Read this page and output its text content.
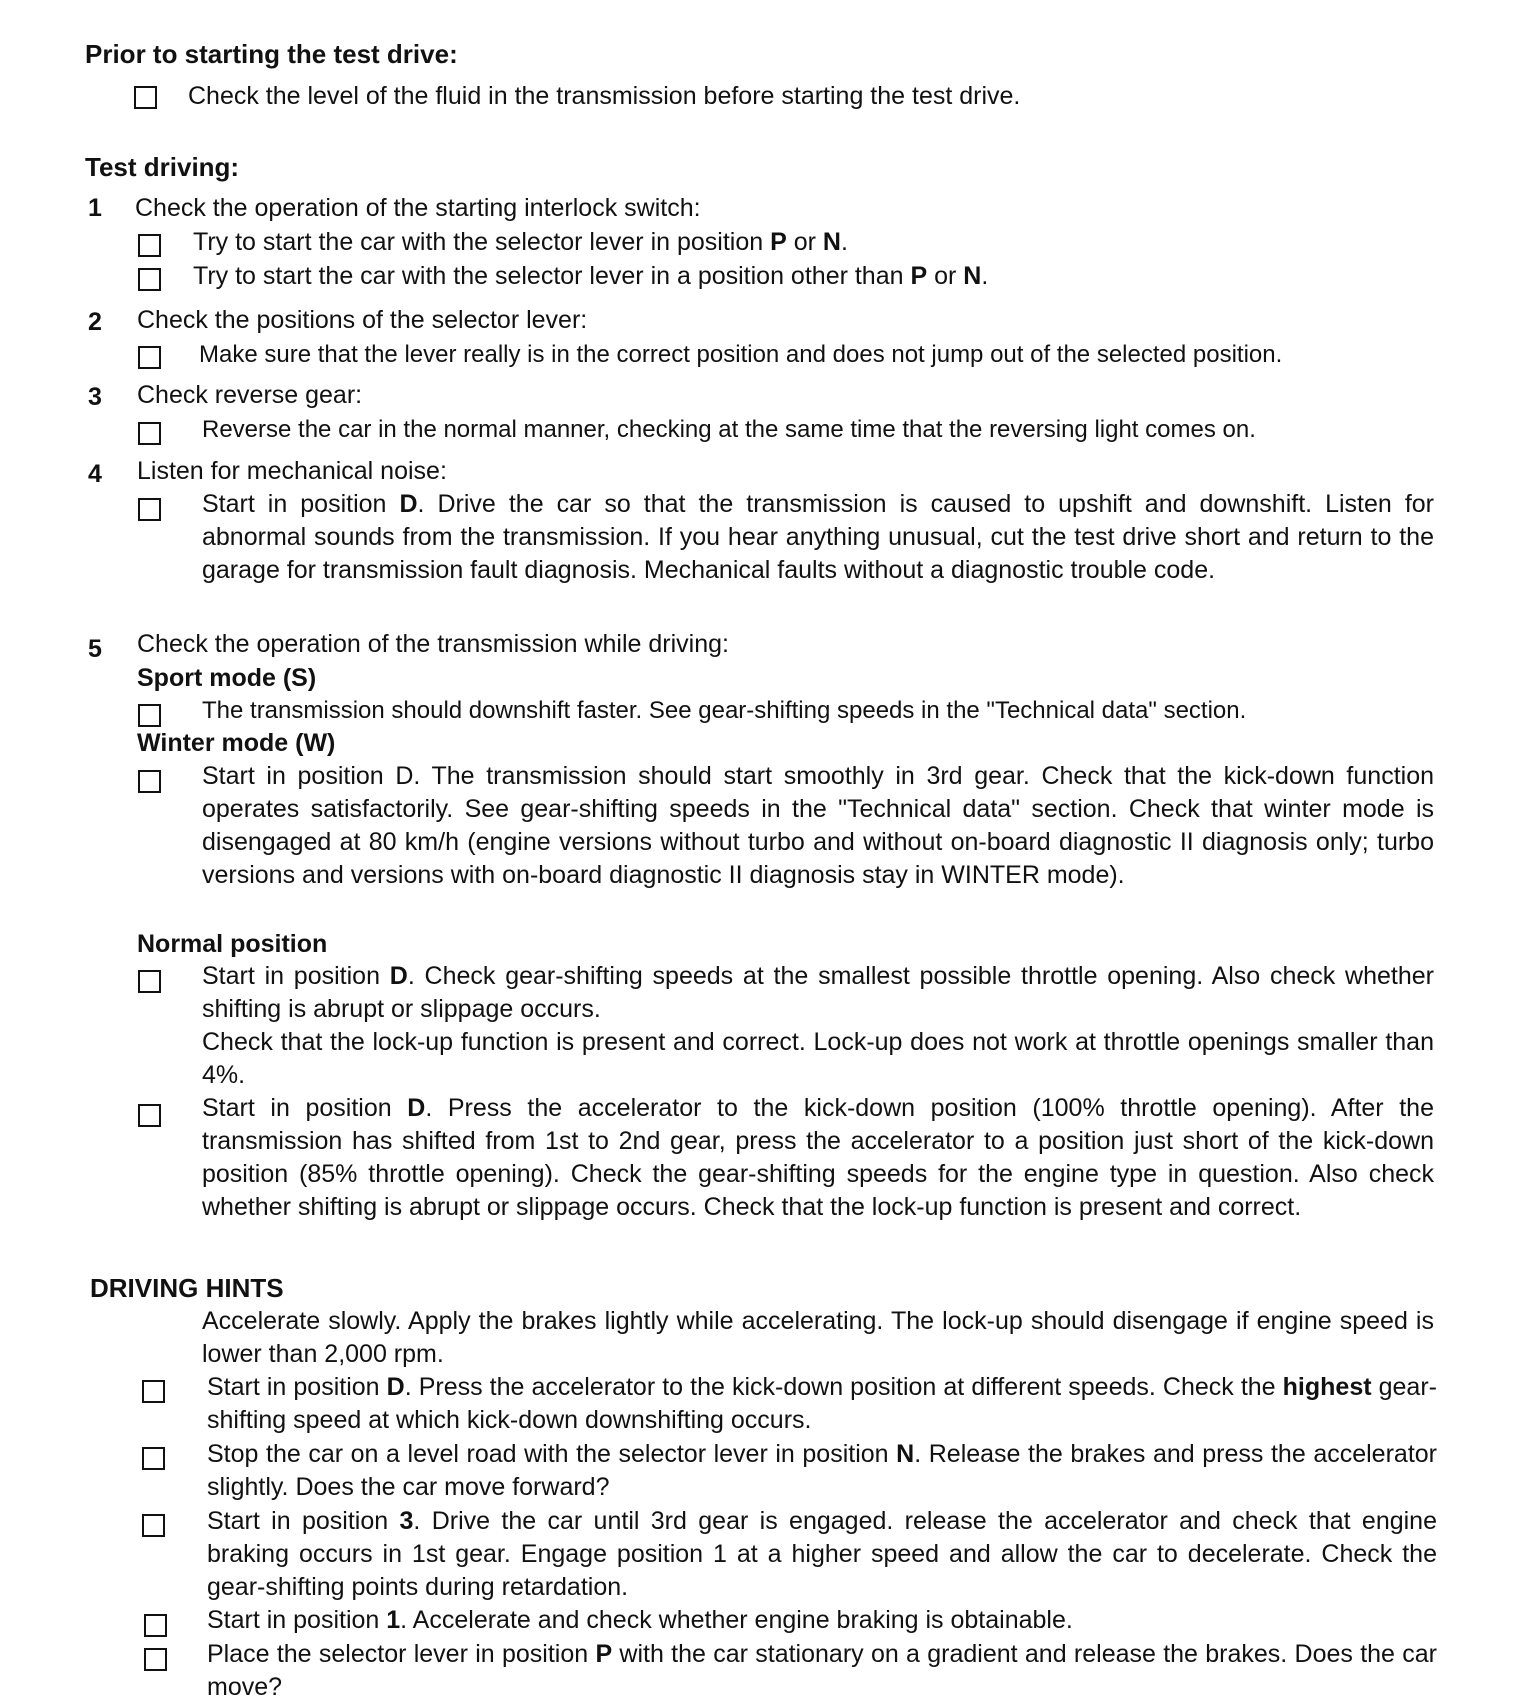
Prior to starting the test drive:
Check the level of the fluid in the transmission before starting the test drive.
Test driving:
1	Check the operation of the starting interlock switch:
Try to start the car with the selector lever in position P or N.
Try to start the car with the selector lever in a position other than P or N.
2	Check the positions of the selector lever:
Make sure that the lever really is in the correct position and does not jump out of the selected position.
3	Check reverse gear:
Reverse the car in the normal manner, checking at the same time that the reversing light comes on.
4	Listen for mechanical noise:
Start in position D. Drive the car so that the transmission is caused to upshift and downshift. Listen for abnormal sounds from the transmission. If you hear anything unusual, cut the test drive short and return to the garage for transmission fault diagnosis. Mechanical faults without a diagnostic trouble code.
5	Check the operation of the transmission while driving:
Sport mode (S)
The transmission should downshift faster. See gear-shifting speeds in the "Technical data" section.
Winter mode (W)
Start in position D. The transmission should start smoothly in 3rd gear. Check that the kick-down function operates satisfactorily. See gear-shifting speeds in the "Technical data" section. Check that winter mode is disengaged at 80 km/h (engine versions without turbo and without on-board diagnostic II diagnosis only; turbo versions and versions with on-board diagnostic II diagnosis stay in WINTER mode).
Normal position
Start in position D. Check gear-shifting speeds at the smallest possible throttle opening. Also check whether shifting is abrupt or slippage occurs.
Check that the lock-up function is present and correct. Lock-up does not work at throttle openings smaller than 4%.
Start in position D. Press the accelerator to the kick-down position (100% throttle opening). After the transmission has shifted from 1st to 2nd gear, press the accelerator to a position just short of the kick-down position (85% throttle opening). Check the gear-shifting speeds for the engine type in question. Also check whether shifting is abrupt or slippage occurs. Check that the lock-up function is present and correct.
DRIVING HINTS
Accelerate slowly. Apply the brakes lightly while accelerating. The lock-up should disengage if engine speed is lower than 2,000 rpm.
Start in position D. Press the accelerator to the kick-down position at different speeds. Check the highest gear-shifting speed at which kick-down downshifting occurs.
Stop the car on a level road with the selector lever in position N. Release the brakes and press the accelerator slightly. Does the car move forward?
Start in position 3. Drive the car until 3rd gear is engaged. release the accelerator and check that engine braking occurs in 1st gear. Engage position 1 at a higher speed and allow the car to decelerate. Check the gear-shifting points during retardation.
Start in position 1. Accelerate and check whether engine braking is obtainable.
Place the selector lever in position P with the car stationary on a gradient and release the brakes. Does the car move?
